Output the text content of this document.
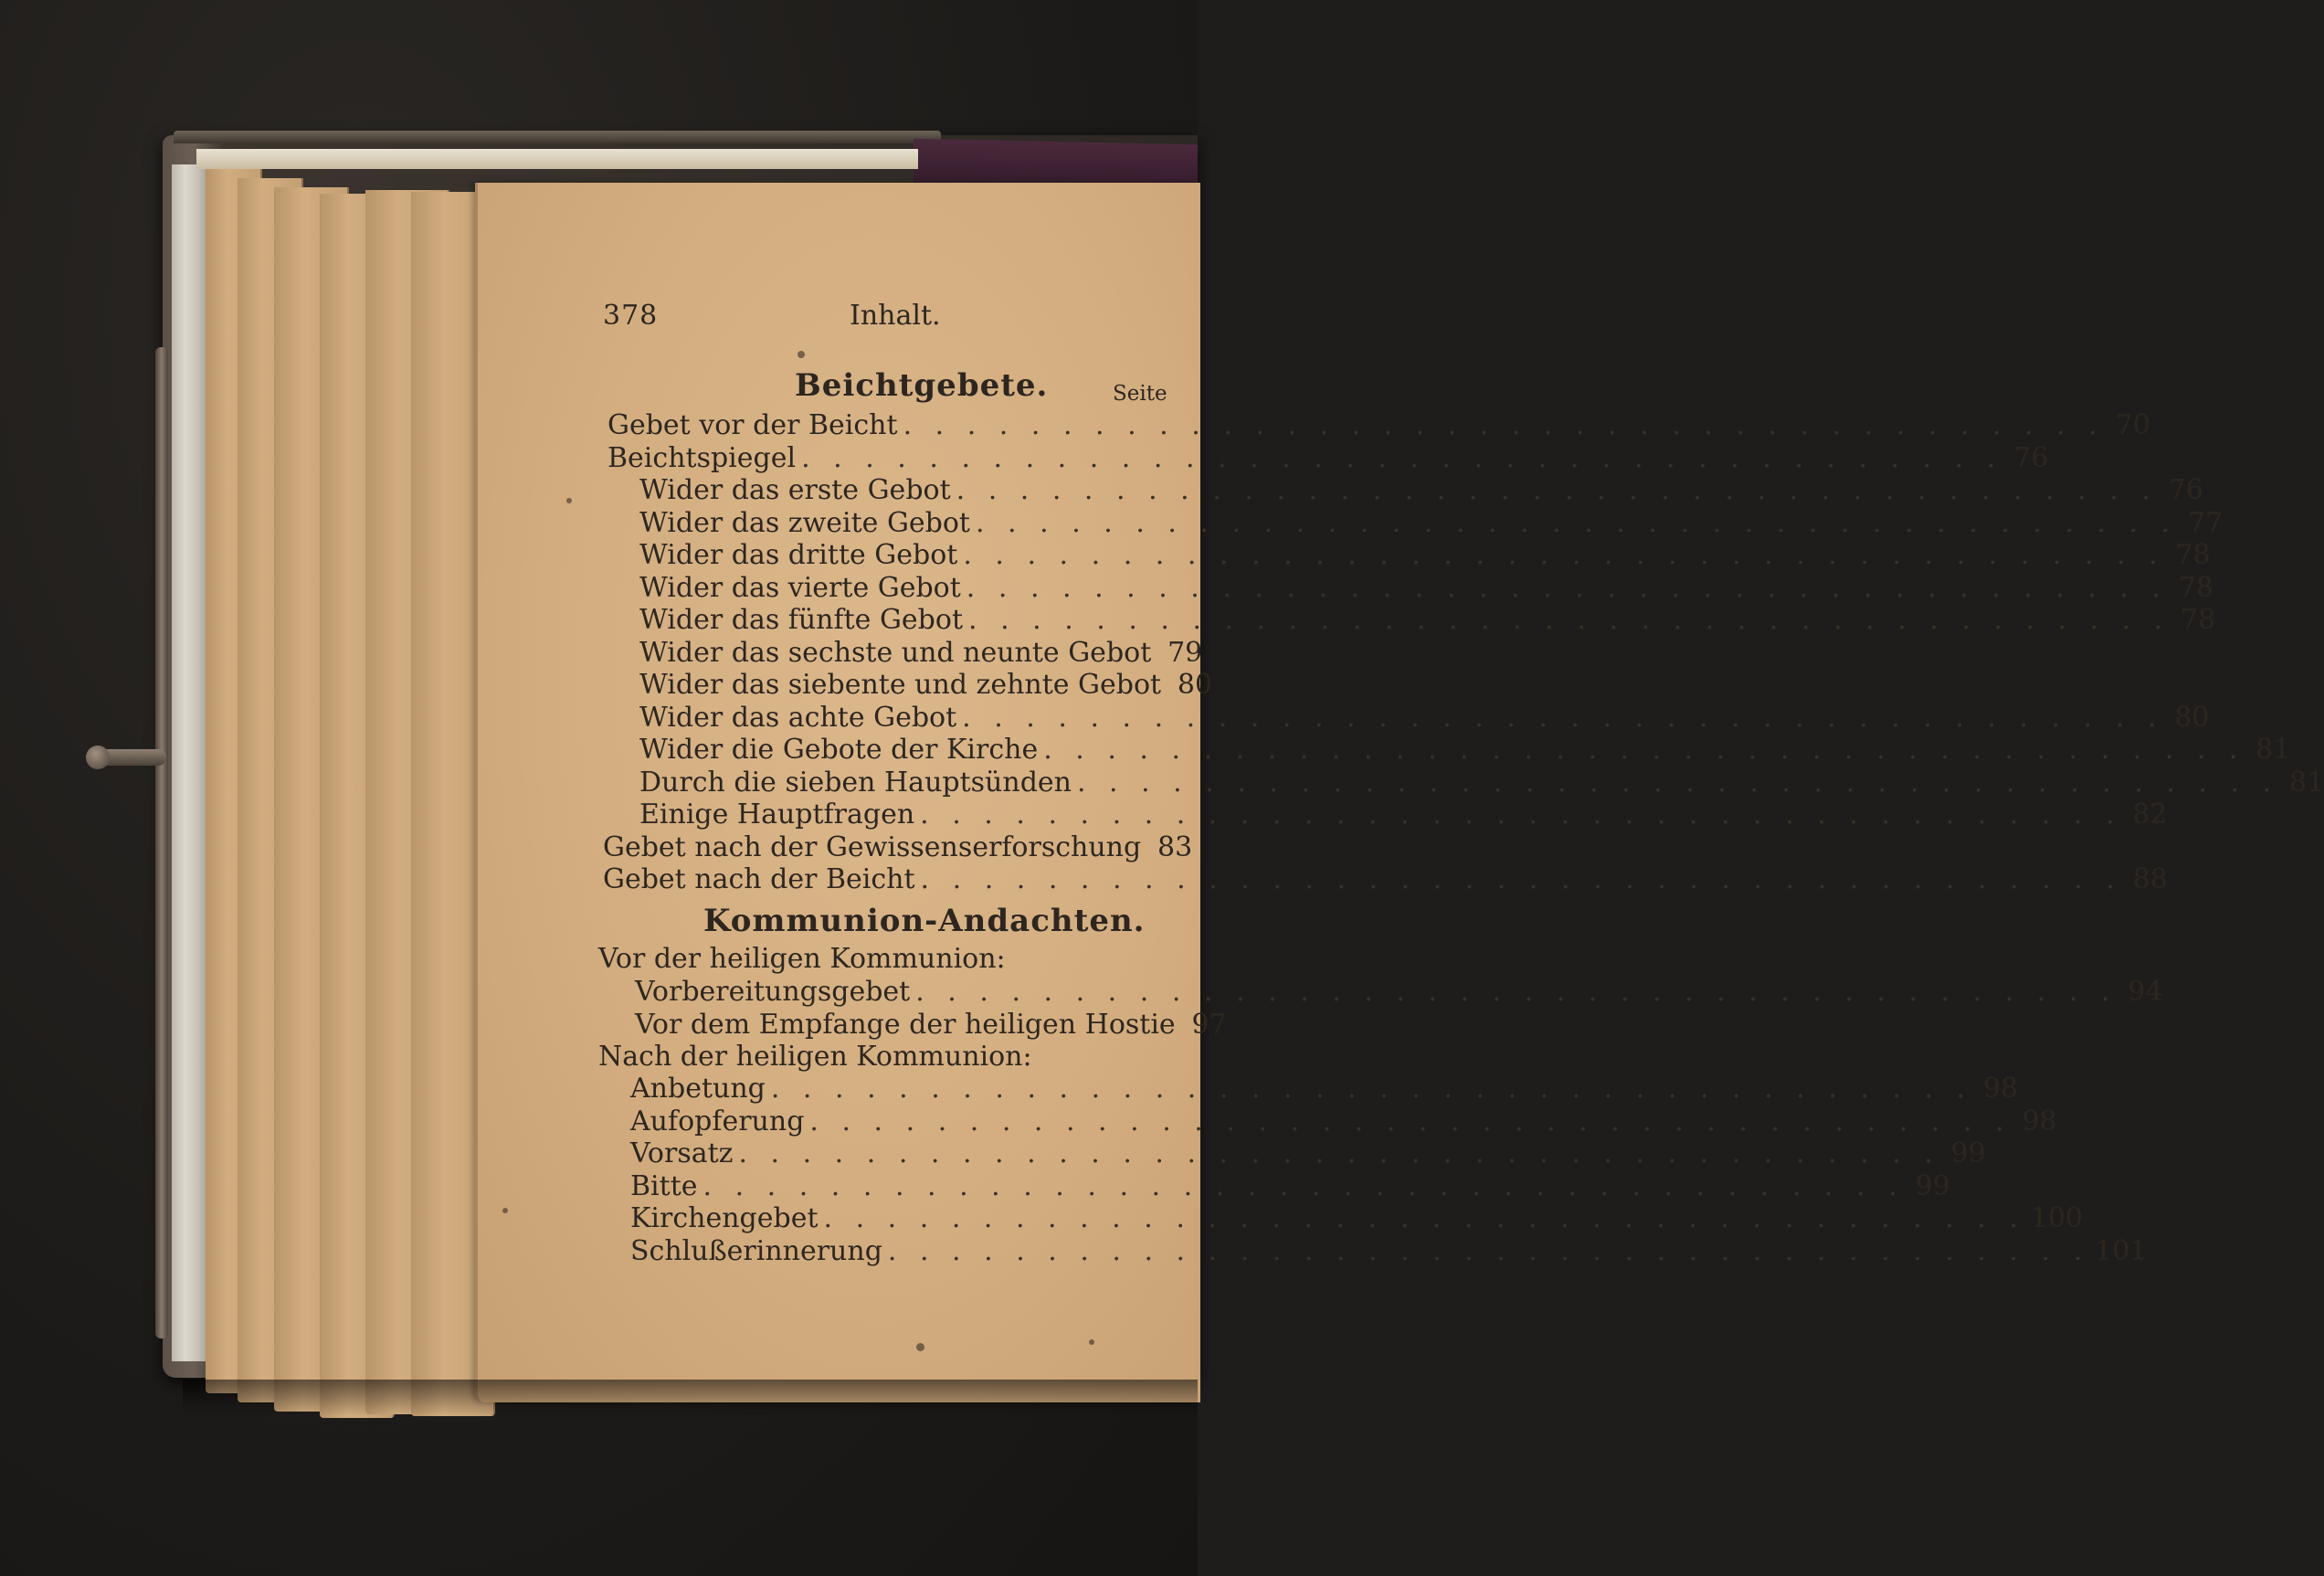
378	Inhalt.
Beichtgebete.	Seite
Gebet vor der Beicht . . .	70
Beichtspiegel . . .	76
Wider das erste Gebot . . .	76
Wider das zweite Gebot . . .	77
Wider das dritte Gebot . . .	78
Wider das vierte Gebot . . .	78
Wider das fünfte Gebot . . .	78
Wider das sechste und neunte Gebot 79
Wider das siebente und zehnte Gebot 80
Wider das achte Gebot . . .	80
Wider die Gebote der Kirche . . .	81
Durch die sieben Hauptsünden . . .	81
Einige Hauptfragen . . .	82
Gebet nach der Gewissenserforschung 83
Gebet nach der Beicht . . .	88
Kommunion-Andachten.
Vor der heiligen Kommunion:
Vorbereitungsgebet . . .	94
Vor dem Empfange der heiligen Hostie 97
Nach der heiligen Kommunion:
Anbetung . . .	98
Aufopferung . . .	98
Vorsatz . . .	99
Bitte . . .	99
Kirchengebet . . .	100
Schlußerinnerung . . .	101
